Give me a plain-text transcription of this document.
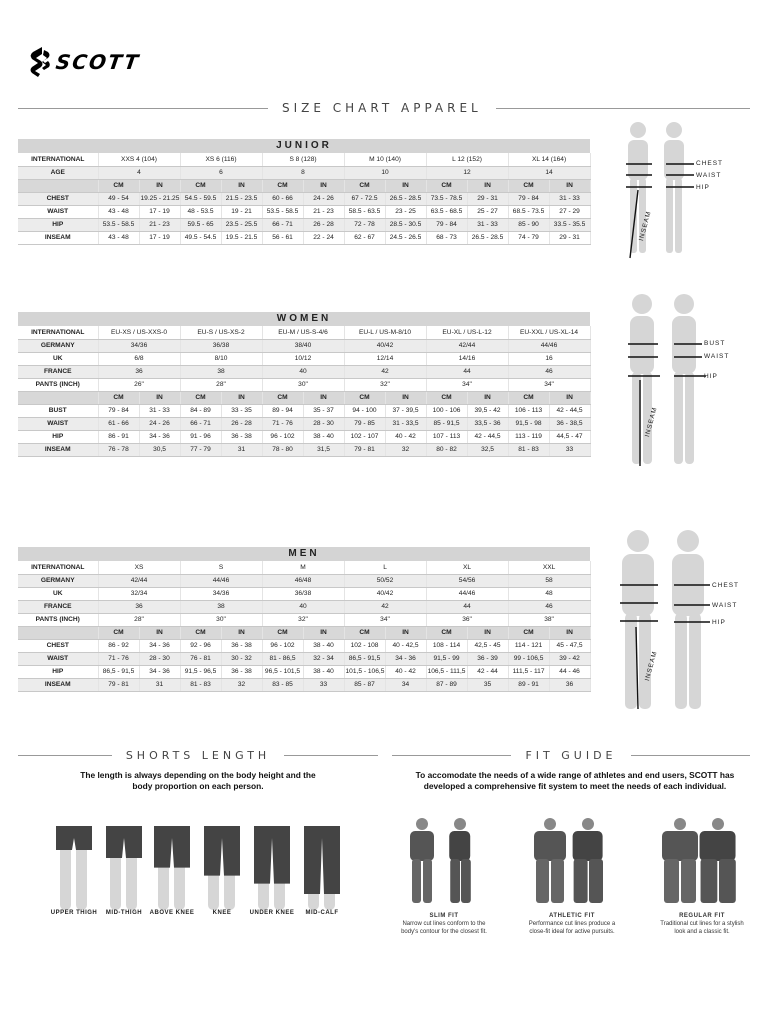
SCOTT
SIZE CHART APPAREL
JUNIOR
INTERNATIONAL	XXS 4 (104)		XS 6 (116)		S 8 (128)		M 10 (140)		L 12 (152)		XL 14 (164)	
AGE	4		6		8		10		12		14	
	CM	IN	CM	IN	CM	IN	CM	IN	CM	IN	CM	IN
CHEST	49 - 54	19.25 - 21.25	54.5 - 59.5	21.5 - 23.5	60 - 66	24 - 26	67 - 72.5	26.5 - 28.5	73.5 - 78.5	29 - 31	79 - 84	31 - 33
WAIST	43 - 48	17 - 19	48 - 53.5	19 - 21	53.5 - 58.5	21 - 23	58.5 - 63.5	23 - 25	63.5 - 68.5	25 - 27	68.5 - 73.5	27 - 29
HIP	53.5 - 58.5	21 - 23	59.5 - 65	23.5 - 25.5	66 - 71	26 - 28	72 - 78	28.5 - 30.5	79 - 84	31 - 33	85 - 90	33.5 - 35.5
INSEAM	43 - 48	17 - 19	49.5 - 54.5	19.5 - 21.5	56 - 61	22 - 24	62 - 67	24.5 - 26.5	68 - 73	26.5 - 28.5	74 - 79	29 - 31
WOMEN
INTERNATIONAL	EU-XS / US-XXS-0		EU-S / US-XS-2		EU-M / US-S-4/6		EU-L / US-M-8/10		EU-XL / US-L-12		EU-XXL / US-XL-14	
GERMANY	34/36		36/38		38/40		40/42		42/44		44/46	
UK	6/8		8/10		10/12		12/14		14/16		16	
FRANCE	36		38		40		42		44		46	
PANTS (INCH)	26"		28"		30"		32"		34"		34"	
	CM	IN	CM	IN	CM	IN	CM	IN	CM	IN	CM	IN
BUST	79 - 84	31 - 33	84 - 89	33 - 35	89 - 94	35 - 37	94 - 100	37 - 39,5	100 - 106	39,5 - 42	106 - 113	42 - 44,5
WAIST	61 - 66	24 - 26	66 - 71	26 - 28	71 - 76	28 - 30	79 - 85	31 - 33,5	85 - 91,5	33,5 - 36	91,5 - 98	36 - 38,5
HIP	86 - 91	34 - 36	91 - 96	36 - 38	96 - 102	38 - 40	102 - 107	40 - 42	107 - 113	42 - 44,5	113 - 119	44,5 - 47
INSEAM	76 - 78	30,5	77 - 79	31	78 - 80	31,5	79 - 81	32	80 - 82	32,5	81 - 83	33
MEN
INTERNATIONAL	XS		S		M		L		XL		XXL	
GERMANY	42/44		44/46		46/48		50/52		54/56		58	
UK	32/34		34/36		36/38		40/42		44/46		48	
FRANCE	36		38		40		42		44		46	
PANTS (INCH)	28"		30"		32"		34"		36"		38"	
	CM	IN	CM	IN	CM	IN	CM	IN	CM	IN	CM	IN
CHEST	86 - 92	34 - 36	92 - 96	36 - 38	96 - 102	38 - 40	102 - 108	40 - 42,5	108 - 114	42,5 - 45	114 - 121	45 - 47,5
WAIST	71 - 76	28 - 30	76 - 81	30 - 32	81 - 86,5	32 - 34	86,5 - 91,5	34 - 36	91,5 - 99	36 - 39	99 - 106,5	39 - 42
HIP	86,5 - 91,5	34 - 36	91,5 - 96,5	36 - 38	96,5 - 101,5	38 - 40	101,5 - 106,5	40 - 42	106,5 - 111,5	42 - 44	111,5 - 117	44 - 46
INSEAM	79 - 81	31	81 - 83	32	83 - 85	33	85 - 87	34	87 - 89	35	89 - 91	36
CHEST
WAIST
HIP
INSEAM
BUST
WAIST
HIP
INSEAM
CHEST
WAIST
HIP
INSEAM
SHORTS LENGTH
The length is always depending on the body height and the body proportion on each person.
UPPER THIGH	MID-THIGH	ABOVE KNEE	KNEE	UNDER KNEE	MID-CALF
FIT GUIDE
To accomodate the needs of a wide range of athletes and end users, SCOTT has developed a comprehensive fit system to meet the needs of each individual.
SLIM FIT
Narrow cut lines conform to the body's contour for the closest fit.
ATHLETIC FIT
Performance cut lines produce a close-fit ideal for active pursuits.
REGULAR FIT
Traditional cut lines for a stylish look and a classic fit.
